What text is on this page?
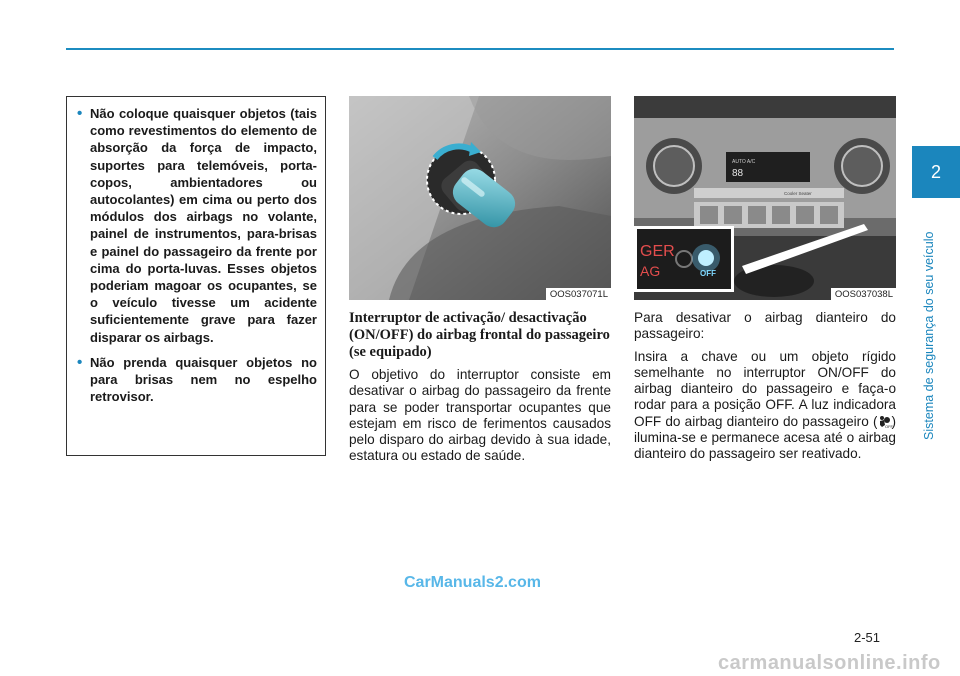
2
Sistema de segurança do seu veículo
• Não coloque quaisquer objetos (tais como revestimentos do elemento de absorção da força de impacto, suportes para telemóveis, porta-copos, ambientadores ou autocolantes) em cima ou perto dos módulos dos airbags no volante, painel de instrumentos, para-brisas e painel do passageiro da frente por cima do porta-luvas. Esses objetos poderiam magoar os ocupantes, se o veículo tivesse um acidente suficientemente grave para fazer disparar os airbags.
• Não prenda quaisquer objetos no para brisas nem no espelho retrovisor.
OOS037071L
AUTO A/C
88
Cooler Seater
GER
AG	OFF
OOS037038L

Interruptor de activação/ desactivação (ON/OFF) do airbag frontal do passageiro (se equipado)

O objetivo do interruptor consiste em desativar o airbag do passageiro da frente para se poder transportar ocupantes que estejam em risco de ferimentos causados pelo disparo do airbag devido à sua idade, estatura ou estado de saúde.

Para desativar o airbag dianteiro do passageiro:

Insira a chave ou um objeto rígido semelhante no interruptor ON/OFF do airbag dianteiro do passageiro e faça-o rodar para a posição OFF. A luz indicadora OFF do airbag dianteiro do passageiro ( OFF
) ilumina-se e permanece acesa até o airbag dianteiro do passageiro ser reativado.

CarManuals2.com
2-51
carmanualsonline.info
